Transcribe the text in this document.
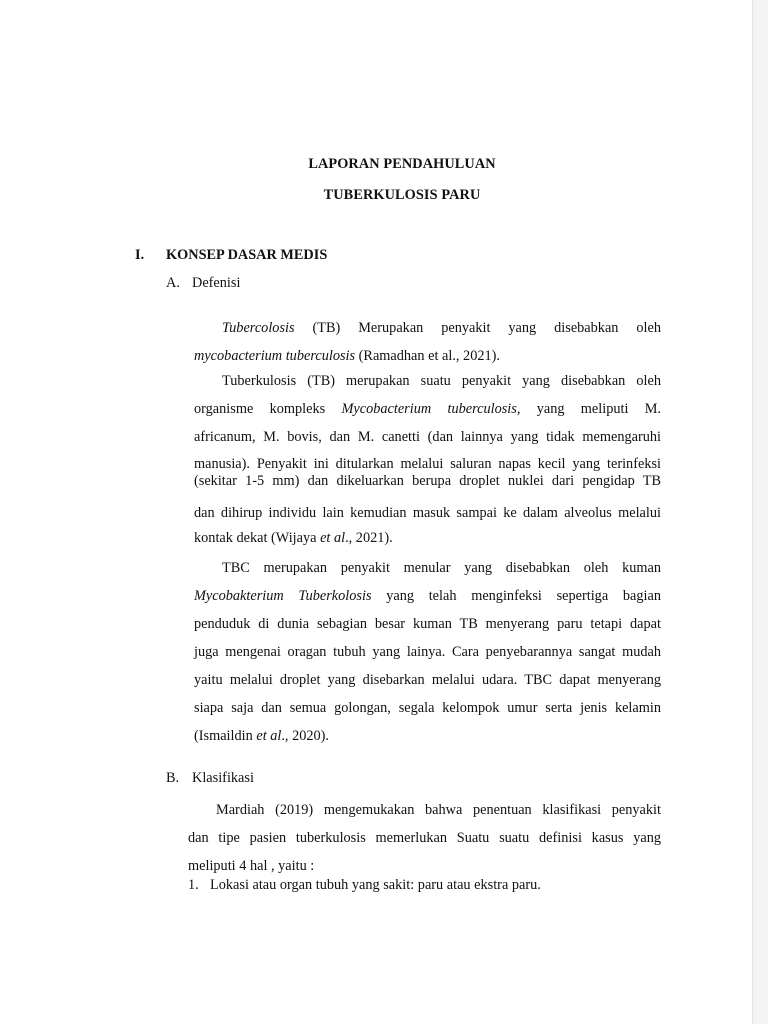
LAPORAN PENDAHULUAN
TUBERKULOSIS PARU
I. KONSEP DASAR MEDIS
A. Defenisi

Tubercolosis (TB) Merupakan penyakit yang disebabkan oleh
mycobacterium tuberculosis (Ramadhan et al., 2021).

Tuberkulosis (TB) merupakan suatu penyakit yang disebabkan oleh
organisme kompleks Mycobacterium tuberculosis, yang meliputi M.
africanum, M. bovis, dan M. canetti (dan lainnya yang tidak memengaruhi

manusia). Penyakit ini ditularkan melalui saluran napas kecil yang terinfeksi
(sekitar 1-5 mm) dan dikeluarkan berupa droplet nuklei dari pengidap TB

dan dihirup individu lain kemudian masuk sampai ke dalam alveolus melalui
kontak dekat (Wijaya et al., 2021).

TBC merupakan penyakit menular yang disebabkan oleh kuman
Mycobakterium Tuberkolosis yang telah menginfeksi sepertiga bagian
penduduk di dunia sebagian besar kuman TB menyerang paru tetapi dapat
juga mengenai oragan tubuh yang lainya. Cara penyebarannya sangat mudah
yaitu melalui droplet yang disebarkan melalui udara. TBC dapat menyerang
siapa saja dan semua golongan, segala kelompok umur serta jenis kelamin
(Ismaildin et al., 2020).

B. Klasifikasi

Mardiah (2019) mengemukakan bahwa penentuan klasifikasi penyakit
dan tipe pasien tuberkulosis memerlukan Suatu suatu definisi kasus yang
meliputi 4 hal , yaitu :

1. Lokasi atau organ tubuh yang sakit: paru atau ekstra paru.
